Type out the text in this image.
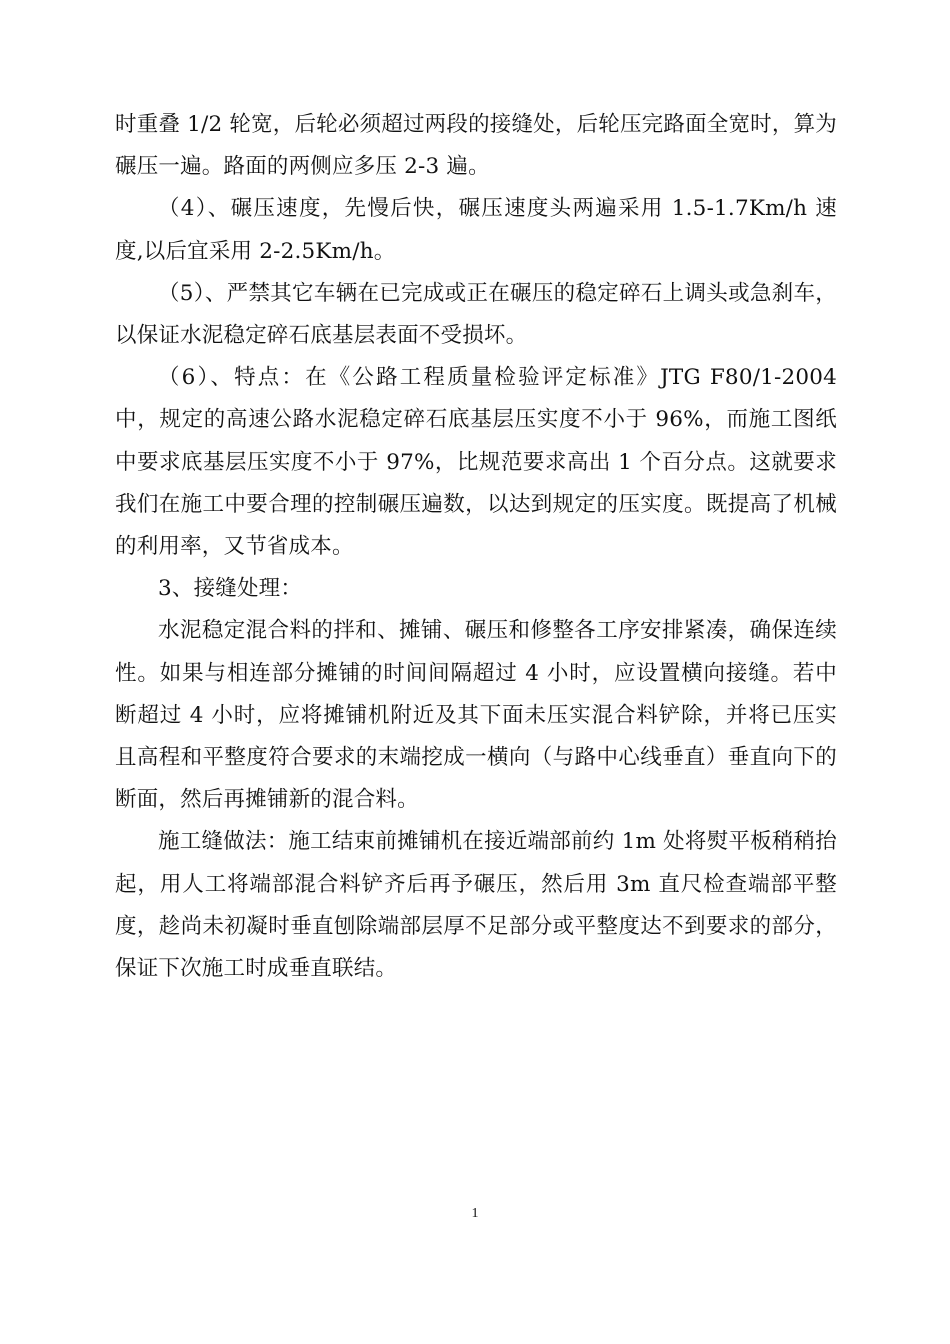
时重叠 1/2 轮宽，后轮必须超过两段的接缝处，后轮压完路面全宽时，算为碾压一遍。路面的两侧应多压 2-3 遍。

（4）、碾压速度，先慢后快，碾压速度头两遍采用 1.5-1.7Km/h 速度,以后宜采用 2-2.5Km/h。

（5）、严禁其它车辆在已完成或正在碾压的稳定碎石上调头或急刹车，以保证水泥稳定碎石底基层表面不受损坏。

（6）、特点：在《公路工程质量检验评定标准》JTG F80/1-2004 中，规定的高速公路水泥稳定碎石底基层压实度不小于 96%，而施工图纸中要求底基层压实度不小于 97%，比规范要求高出 1 个百分点。这就要求我们在施工中要合理的控制碾压遍数，以达到规定的压实度。既提高了机械的利用率，又节省成本。

3、接缝处理：

水泥稳定混合料的拌和、摊铺、碾压和修整各工序安排紧凑，确保连续性。如果与相连部分摊铺的时间间隔超过 4 小时，应设置横向接缝。若中断超过 4 小时，应将摊铺机附近及其下面未压实混合料铲除，并将已压实且高程和平整度符合要求的末端挖成一横向（与路中心线垂直）垂直向下的断面，然后再摊铺新的混合料。

施工缝做法：施工结束前摊铺机在接近端部前约 1m 处将熨平板稍稍抬起，用人工将端部混合料铲齐后再予碾压，然后用 3m 直尺检查端部平整度，趁尚未初凝时垂直刨除端部层厚不足部分或平整度达不到要求的部分，保证下次施工时成垂直联结。

1
